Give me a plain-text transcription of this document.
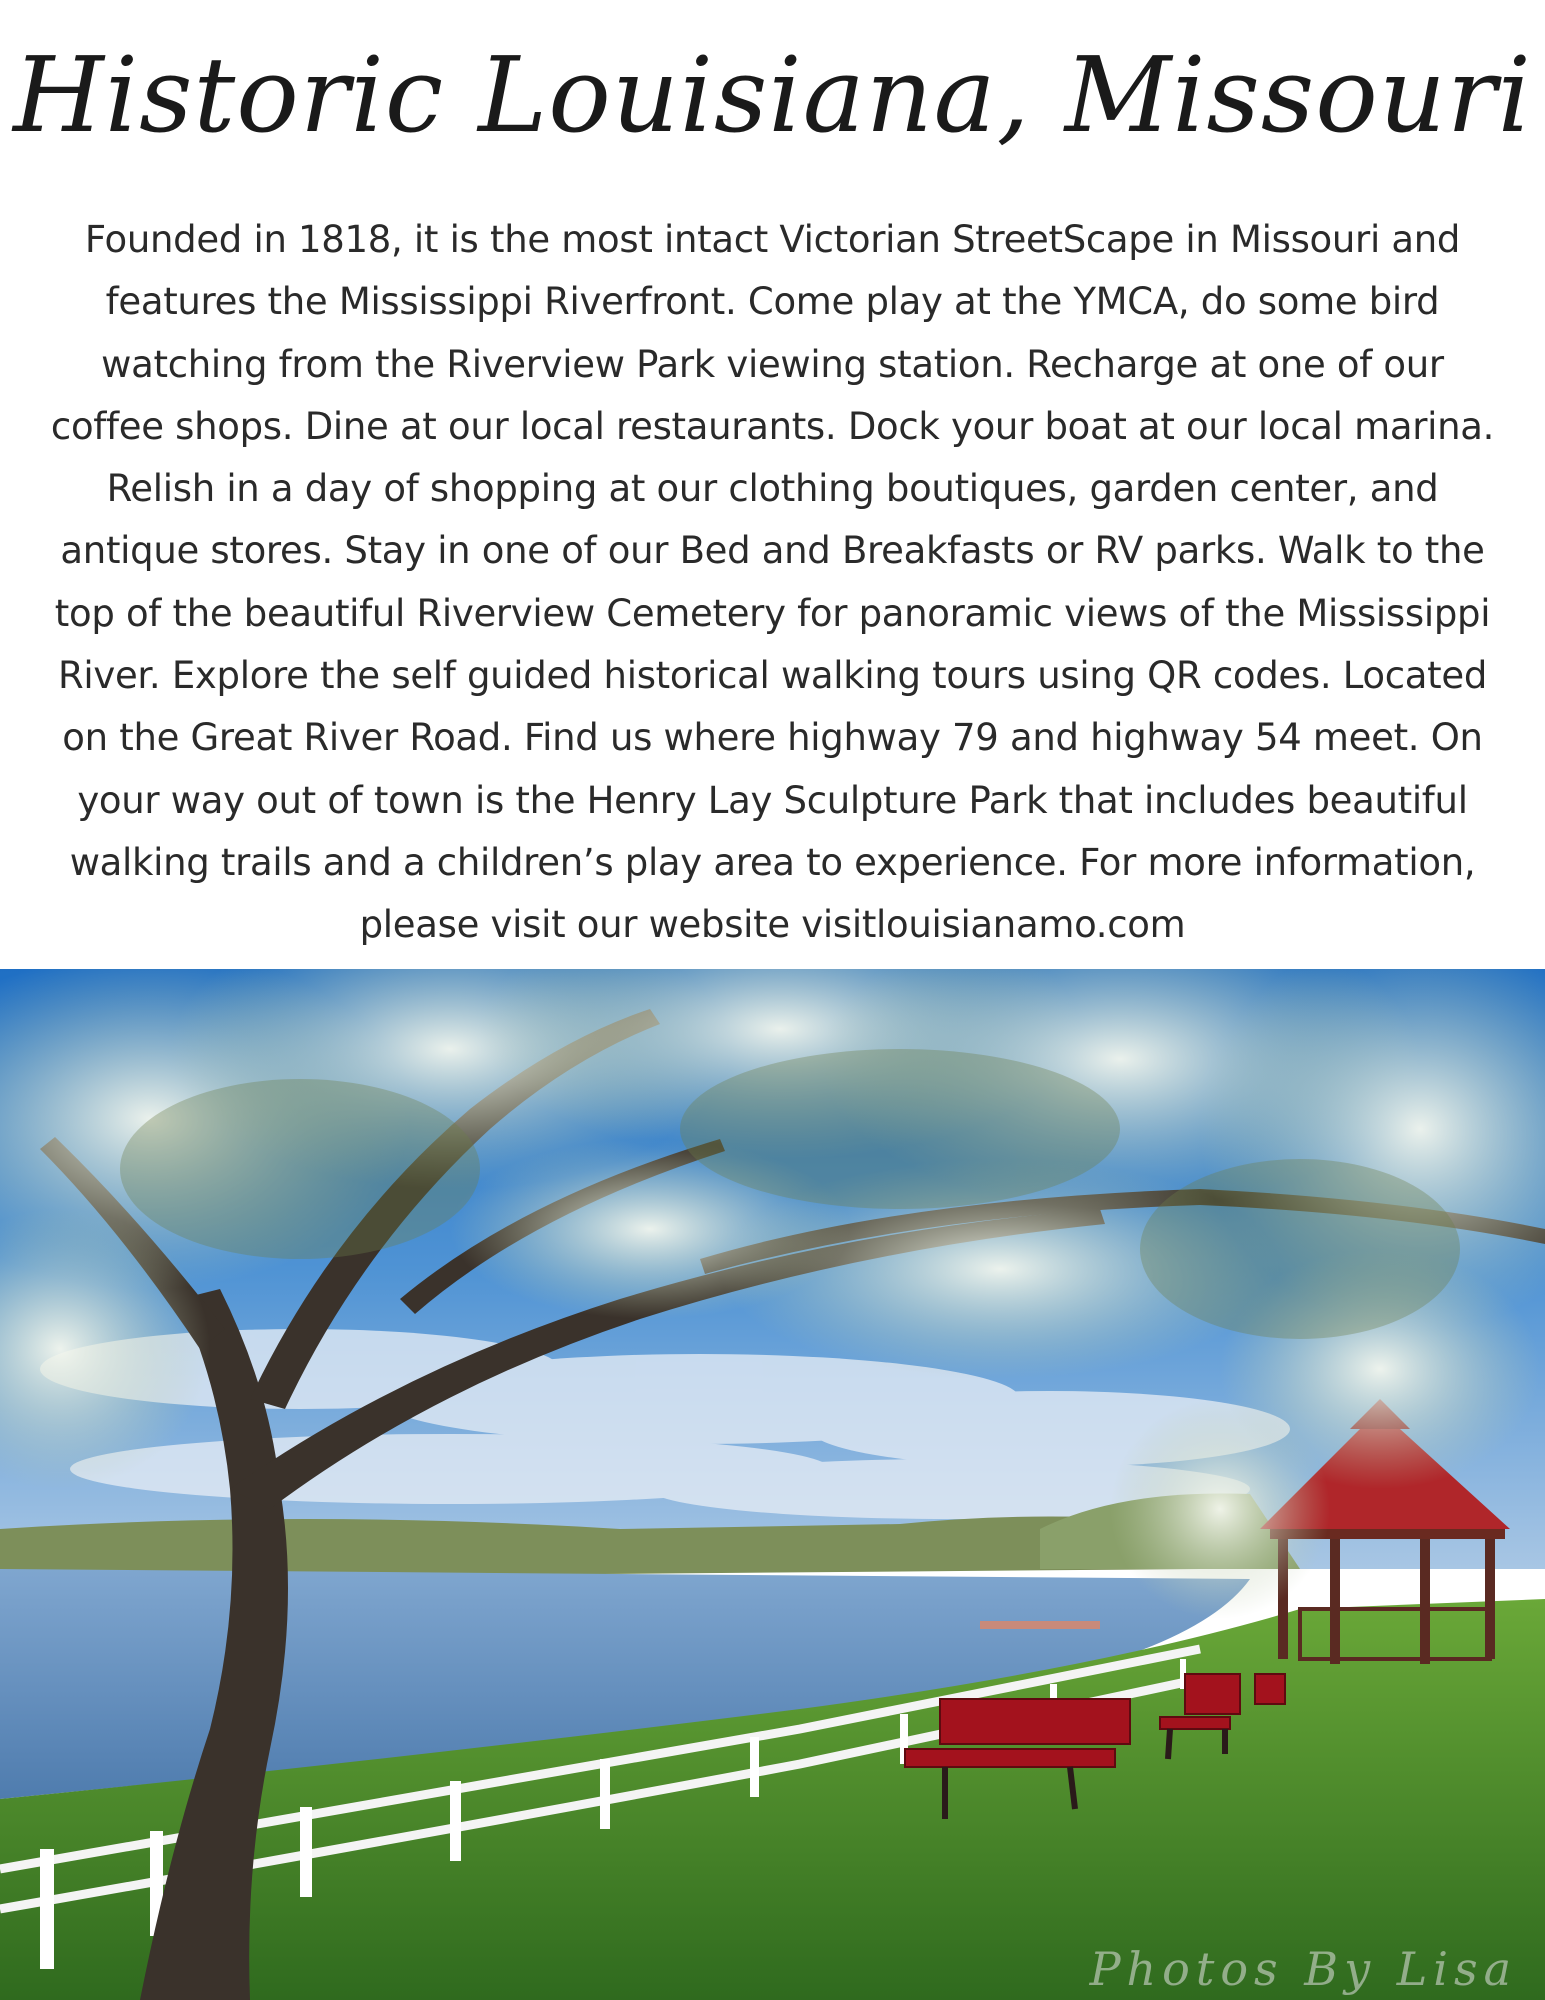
Historic Louisiana, Missouri
Founded in 1818, it is the most intact Victorian StreetScape in Missouri and
features the Mississippi Riverfront. Come play at the YMCA, do some bird
watching from the Riverview Park viewing station. Recharge at one of our
coffee shops. Dine at our local restaurants. Dock your boat at our local marina.
Relish in a day of shopping at our clothing boutiques, garden center, and
antique stores. Stay in one of our Bed and Breakfasts or RV parks. Walk to the
top of the beautiful Riverview Cemetery for panoramic views of the Mississippi
River. Explore the self guided historical walking tours using QR codes. Located
on the Great River Road. Find us where highway 79 and highway 54 meet. On
your way out of town is the Henry Lay Sculpture Park that includes beautiful
walking trails and a children’s play area to experience. For more information,
please visit our website visitlouisianamo.com
Photos By Lisa
